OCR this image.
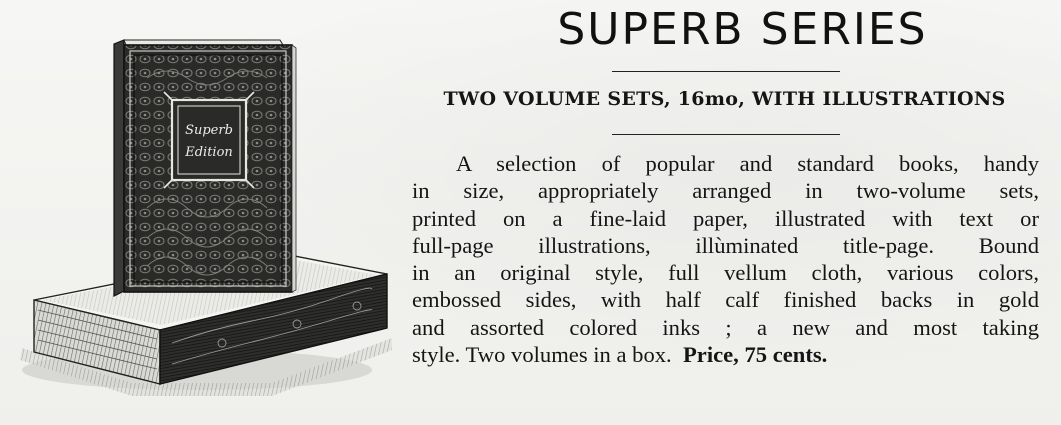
Superb
Edition
SUPERB SERIES
TWO VOLUME SETS, 16mo, WITH ILLUSTRATIONS

A selection of popular and standard books, handy
in size, appropriately arranged in two-volume sets,
printed on a fine-laid paper, illustrated with text or
full-page illustrations, illùminated title-page. Bound
in an original style, full vellum cloth, various colors,
embossed sides, with half calf finished backs in gold
and assorted colored inks ; a new and most taking
style. Two volumes in a box. Price, 75 cents.
